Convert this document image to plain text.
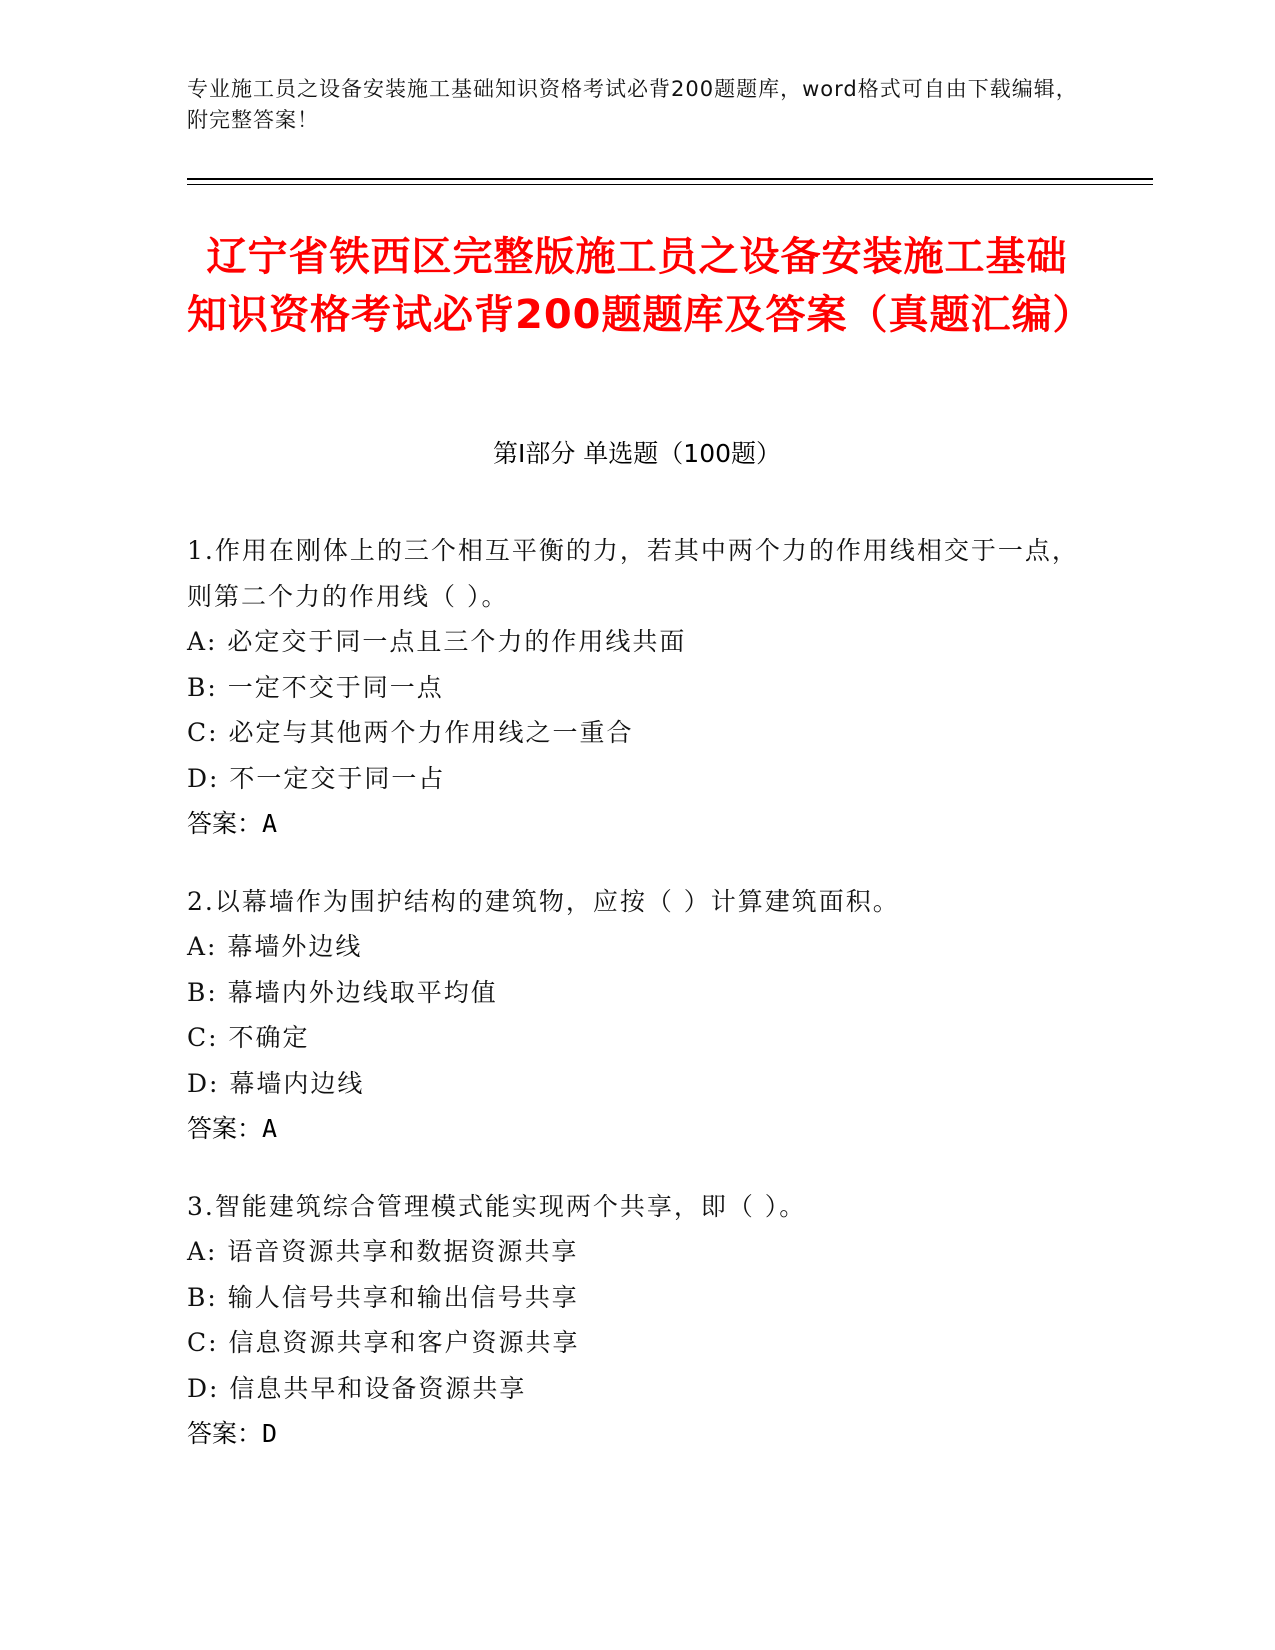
专业施工员之设备安装施工基础知识资格考试必背200题题库，word格式可自由下载编辑，附完整答案！
辽宁省铁西区完整版施工员之设备安装施工基础知识资格考试必背200题题库及答案（真题汇编）
第Ⅰ部分 单选题（100题）
1.作用在刚体上的三个相互平衡的力，若其中两个力的作用线相交于一点，则第二个力的作用线（ ）。
A: 必定交于同一点且三个力的作用线共面
B: 一定不交于同一点
C: 必定与其他两个力作用线之一重合
D: 不一定交于同一占
答案：A
2.以幕墙作为围护结构的建筑物，应按（ ）计算建筑面积。
A: 幕墙外边线
B: 幕墙内外边线取平均值
C: 不确定
D: 幕墙内边线
答案：A
3.智能建筑综合管理模式能实现两个共享，即（ ）。
A: 语音资源共享和数据资源共享
B: 输人信号共享和输出信号共享
C: 信息资源共享和客户资源共享
D: 信息共早和设备资源共享
答案：D
